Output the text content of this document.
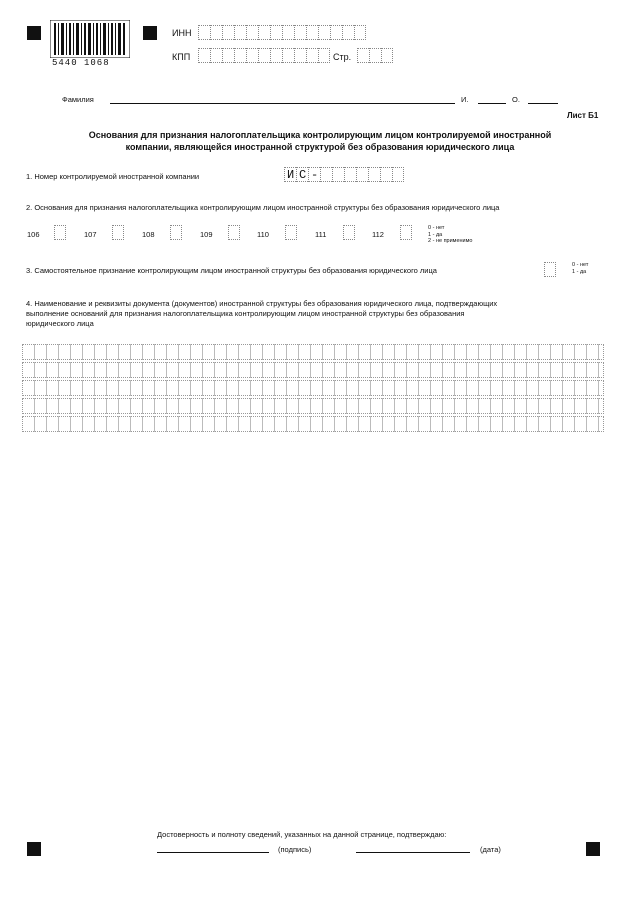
5440 1068
ИНН
КПП	Стр.
Фамилия	И.	О.
Лист Б1
Основания для признания налогоплательщика контролирующим лицом контролируемой иностранной
компании, являющейся иностранной структурой без образования юридического лица
1. Номер контролируемой иностранной компании	И С -
2. Основания для признания налогоплательщика контролирующим лицом иностранной структуры без образования юридического лица
106	107	108	109	110	111	112
0 - нет
1 - да
2 - не применимо
3. Самостоятельное признание контролирующим лицом иностранной структуры без образования юридического лица
0 - нет
1 - да
4. Наименование и реквизиты документа (документов) иностранной структуры без образования юридического лица, подтверждающих
выполнение оснований для признания налогоплательщика контролирующим лицом иностранной структуры без образования
юридического лица
Достоверность и полноту сведений, указанных на данной странице, подтверждаю:
(подпись)	(дата)
